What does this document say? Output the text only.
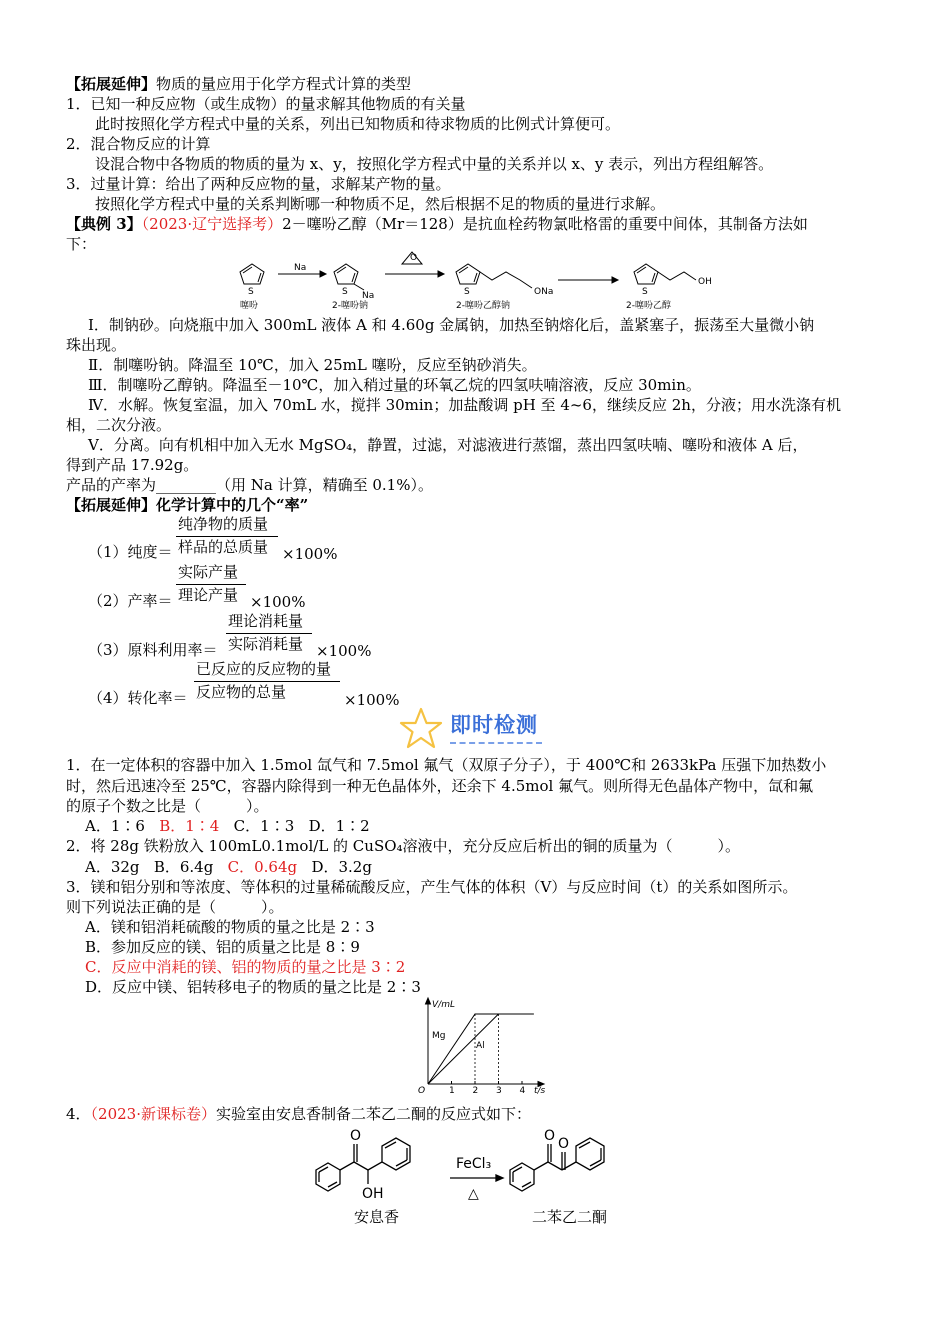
【拓展延伸】物质的量应用于化学方程式计算的类型
1．已知一种反应物（或生成物）的量求解其他物质的有关量
此时按照化学方程式中量的关系，列出已知物质和待求物质的比例式计算便可。
2．混合物反应的计算
设混合物中各物质的物质的量为 x、y，按照化学方程式中量的关系并以 x、y 表示，列出方程组解答。
3．过量计算：给出了两种反应物的量，求解某产物的量。
按照化学方程式中量的关系判断哪一种物质不足，然后根据不足的物质的量进行求解。
【典例 3】（2023·辽宁选择考）2－噻吩乙醇（Mr＝128）是抗血栓药物氯吡格雷的重要中间体，其制备方法如
下：
S
噻吩
Na
S Na
2-噻吩钠
O
S	ONa
2-噻吩乙醇钠
S
OH
2-噻吩乙醇
Ⅰ．制钠砂。向烧瓶中加入 300mL 液体 A 和 4.60g 金属钠，加热至钠熔化后，盖紧塞子，振荡至大量微小钠
珠出现。
Ⅱ．制噻吩钠。降温至 10℃，加入 25mL 噻吩，反应至钠砂消失。
Ⅲ．制噻吩乙醇钠。降温至－10℃，加入稍过量的环氧乙烷的四氢呋喃溶液，反应 30min。
Ⅳ．水解。恢复室温，加入 70mL 水，搅拌 30min；加盐酸调 pH 至 4~6，继续反应 2h，分液；用水洗涤有机
相，二次分液。
Ⅴ．分离。向有机相中加入无水 MgSO₄，静置，过滤，对滤液进行蒸馏，蒸出四氢呋喃、噻吩和液体 A 后，
得到产品 17.92g。
产品的产率为________（用 Na 计算，精确至 0.1%）。
【拓展延伸】化学计算中的几个“率”
（1）纯度＝
纯净物的质量
样品的总质量 ×100%
（2）产率＝
实际产量
理论产量 ×100%
（3）原料利用率＝
理论消耗量
实际消耗量 ×100%
（4）转化率＝
已反应的反应物的量
反应物的总量	×100%
即时检测
1．在一定体积的容器中加入 1.5mol 氙气和 7.5mol 氟气（双原子分子），于 400℃和 2633kPa 压强下加热数小
时，然后迅速冷至 25℃，容器内除得到一种无色晶体外，还余下 4.5mol 氟气。则所得无色晶体产物中，氙和氟
的原子个数之比是（　　　）。
A．1∶6 B．1∶4 C．1∶3 D．1∶2
2．将 28g 铁粉放入 100mL0.1mol/L 的 CuSO₄溶液中，充分反应后析出的铜的质量为（　　　）。
A．32g B．6.4g C．0.64g D．3.2g
3．镁和铝分别和等浓度、等体积的过量稀硫酸反应，产生气体的体积（V）与反应时间（t）的关系如图所示。
则下列说法正确的是（　　　）。
A．镁和铝消耗硫酸的物质的量之比是 2∶3
B．参加反应的镁、铝的质量之比是 8∶9
C．反应中消耗的镁、铝的物质的量之比是 3∶2
D．反应中镁、铝转移电子的物质的量之比是 2∶3
1 2 3 4
V/mL
t/s
O
Mg
Al
4．（2023·新课标卷）实验室由安息香制备二苯乙二酮的反应式如下：
O
OH
FeCl₃
△
O O
安息香	二苯乙二酮
